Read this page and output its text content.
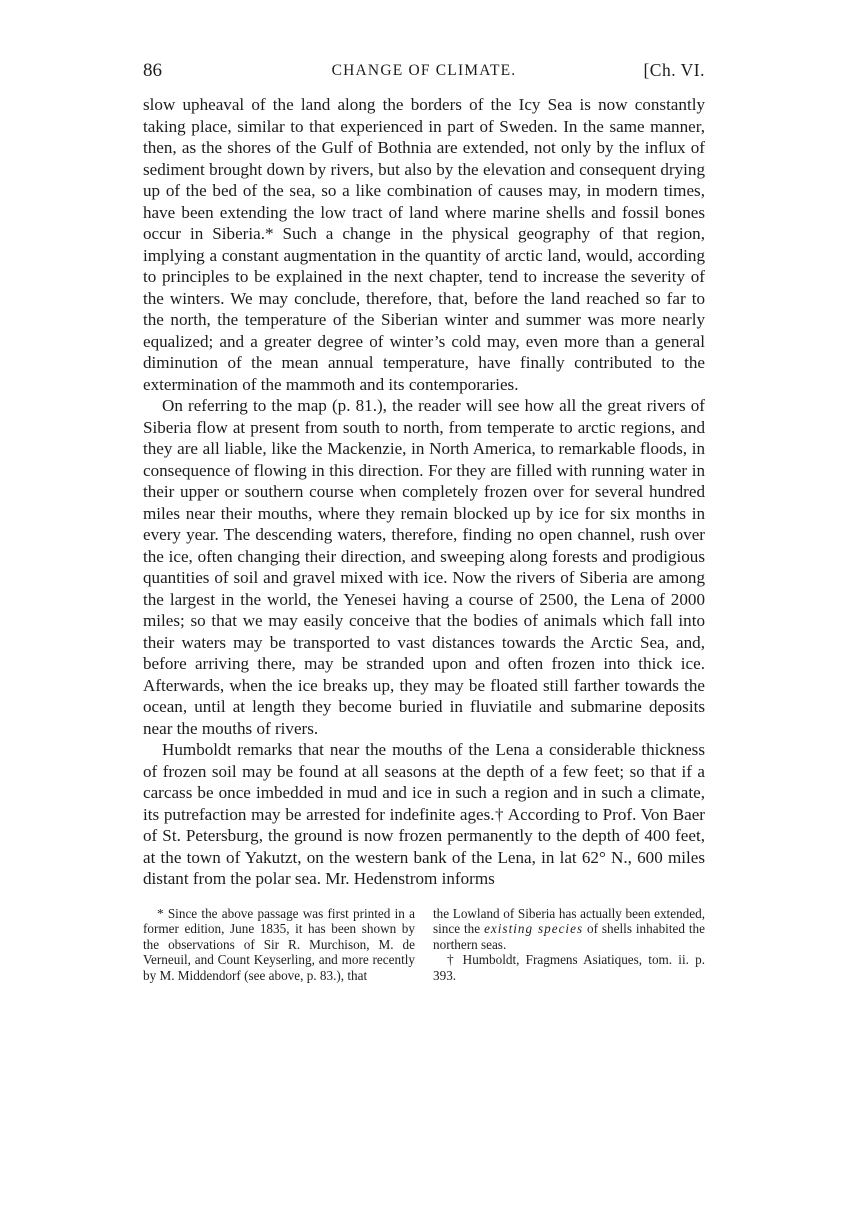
86	CHANGE OF CLIMATE.	[Ch. VI.

slow upheaval of the land along the borders of the Icy Sea is now constantly taking place, similar to that experienced in part of Sweden. In the same manner, then, as the shores of the Gulf of Bothnia are extended, not only by the influx of sediment brought down by rivers, but also by the elevation and consequent drying up of the bed of the sea, so a like combination of causes may, in modern times, have been extending the low tract of land where marine shells and fossil bones occur in Siberia.* Such a change in the physical geography of that region, implying a constant augmentation in the quantity of arctic land, would, according to principles to be explained in the next chapter, tend to increase the severity of the winters. We may conclude, therefore, that, before the land reached so far to the north, the temperature of the Siberian winter and summer was more nearly equalized; and a greater degree of winter’s cold may, even more than a general diminution of the mean annual temperature, have finally contributed to the extermination of the mammoth and its contemporaries.

On referring to the map (p. 81.), the reader will see how all the great rivers of Siberia flow at present from south to north, from temperate to arctic regions, and they are all liable, like the Mackenzie, in North America, to remarkable floods, in consequence of flowing in this direction. For they are filled with running water in their upper or southern course when completely frozen over for several hundred miles near their mouths, where they remain blocked up by ice for six months in every year. The descending waters, therefore, finding no open channel, rush over the ice, often changing their direction, and sweeping along forests and prodigious quantities of soil and gravel mixed with ice. Now the rivers of Siberia are among the largest in the world, the Yenesei having a course of 2500, the Lena of 2000 miles; so that we may easily conceive that the bodies of animals which fall into their waters may be transported to vast distances towards the Arctic Sea, and, before arriving there, may be stranded upon and often frozen into thick ice. Afterwards, when the ice breaks up, they may be floated still farther towards the ocean, until at length they become buried in fluviatile and submarine deposits near the mouths of rivers.

Humboldt remarks that near the mouths of the Lena a considerable thickness of frozen soil may be found at all seasons at the depth of a few feet; so that if a carcass be once imbedded in mud and ice in such a region and in such a climate, its putrefaction may be arrested for indefinite ages.† According to Prof. Von Baer of St. Petersburg, the ground is now frozen permanently to the depth of 400 feet, at the town of Yakutzt, on the western bank of the Lena, in lat 62° N., 600 miles distant from the polar sea. Mr. Hedenstrom informs

* Since the above passage was first printed in a former edition, June 1835, it has been shown by the observations of Sir R. Murchison, M. de Verneuil, and Count Keyserling, and more recently by M. Middendorf (see above, p. 83.), that

the Lowland of Siberia has actually been extended, since the existing species of shells inhabited the northern seas.

† Humboldt, Fragmens Asiatiques, tom. ii. p. 393.
